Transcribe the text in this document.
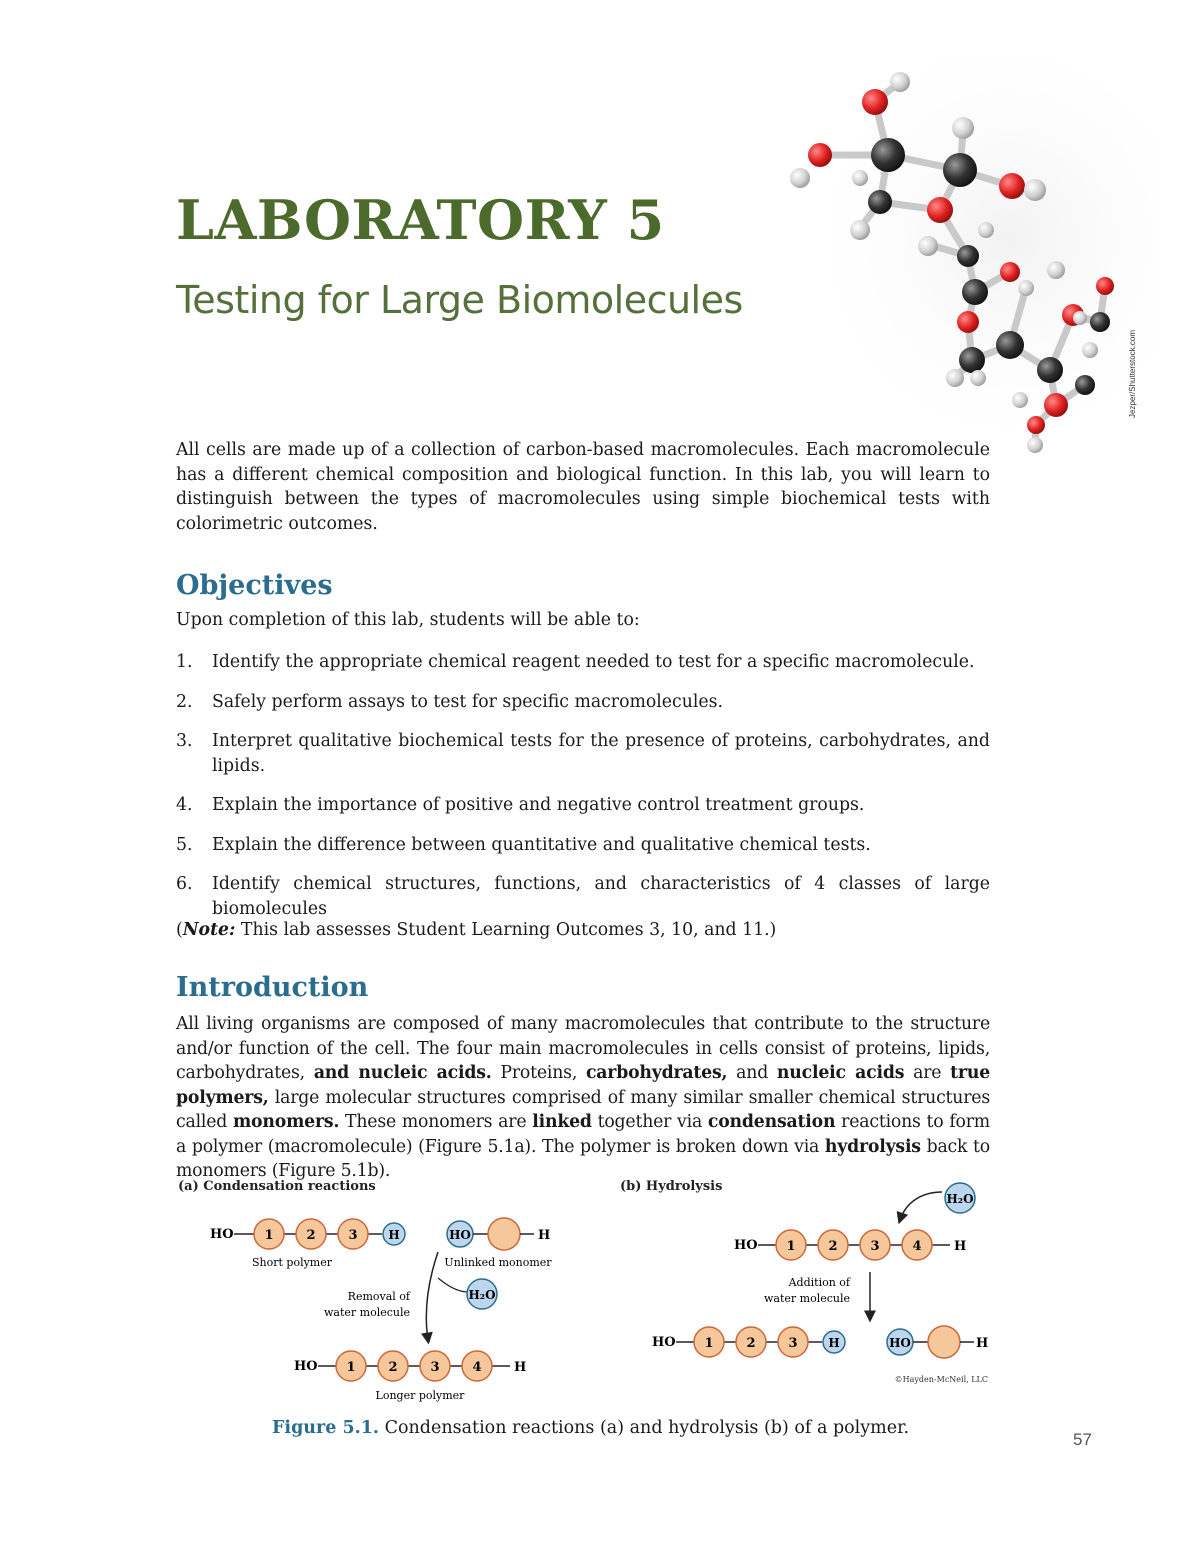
Jezper/Shutterstock.com
LABORATORY 5
Testing for Large Biomolecules

All cells are made up of a collection of carbon-based macromolecules. Each macromolecule has a different chemical composition and biological function. In this lab, you will learn to distinguish between the types of macromolecules using simple biochemical tests with colorimetric outcomes.

Objectives

Upon completion of this lab, students will be able to:

1. Identify the appropriate chemical reagent needed to test for a specific macromolecule.
2. Safely perform assays to test for specific macromolecules.
3. Interpret qualitative biochemical tests for the presence of proteins, carbohydrates, and lipids.
4. Explain the importance of positive and negative control treatment groups.
5. Explain the difference between quantitative and qualitative chemical tests.
6. Identify chemical structures, functions, and characteristics of 4 classes of large biomolecules

(Note: This lab assesses Student Learning Outcomes 3, 10, and 11.)

Introduction

All living organisms are composed of many macromolecules that contribute to the structure and/or function of the cell. The four main macromolecules in cells consist of proteins, lipids, carbohydrates, and nucleic acids. Proteins, carbohydrates, and nucleic acids are true polymers, large molecular structures comprised of many similar smaller chemical structures called monomers. These monomers are linked together via condensation reactions to form a polymer (macromolecule) (Figure 5.1a). The polymer is broken down via hydrolysis back to monomers (Figure 5.1b).

(a) Condensation reactions
HO 1	2	3	H
Short polymer
HO	H
Unlinked monomer
Removal of
water molecule
H₂O
HO 1	2	3	4 H
Longer polymer
(b) Hydrolysis
H₂O
HO 1	2	3	4 H
Addition of
water molecule
HO 1	2	3	H	HO	H
©Hayden-McNeil, LLC

Figure 5.1. Condensation reactions (a) and hydrolysis (b) of a polymer.

57
